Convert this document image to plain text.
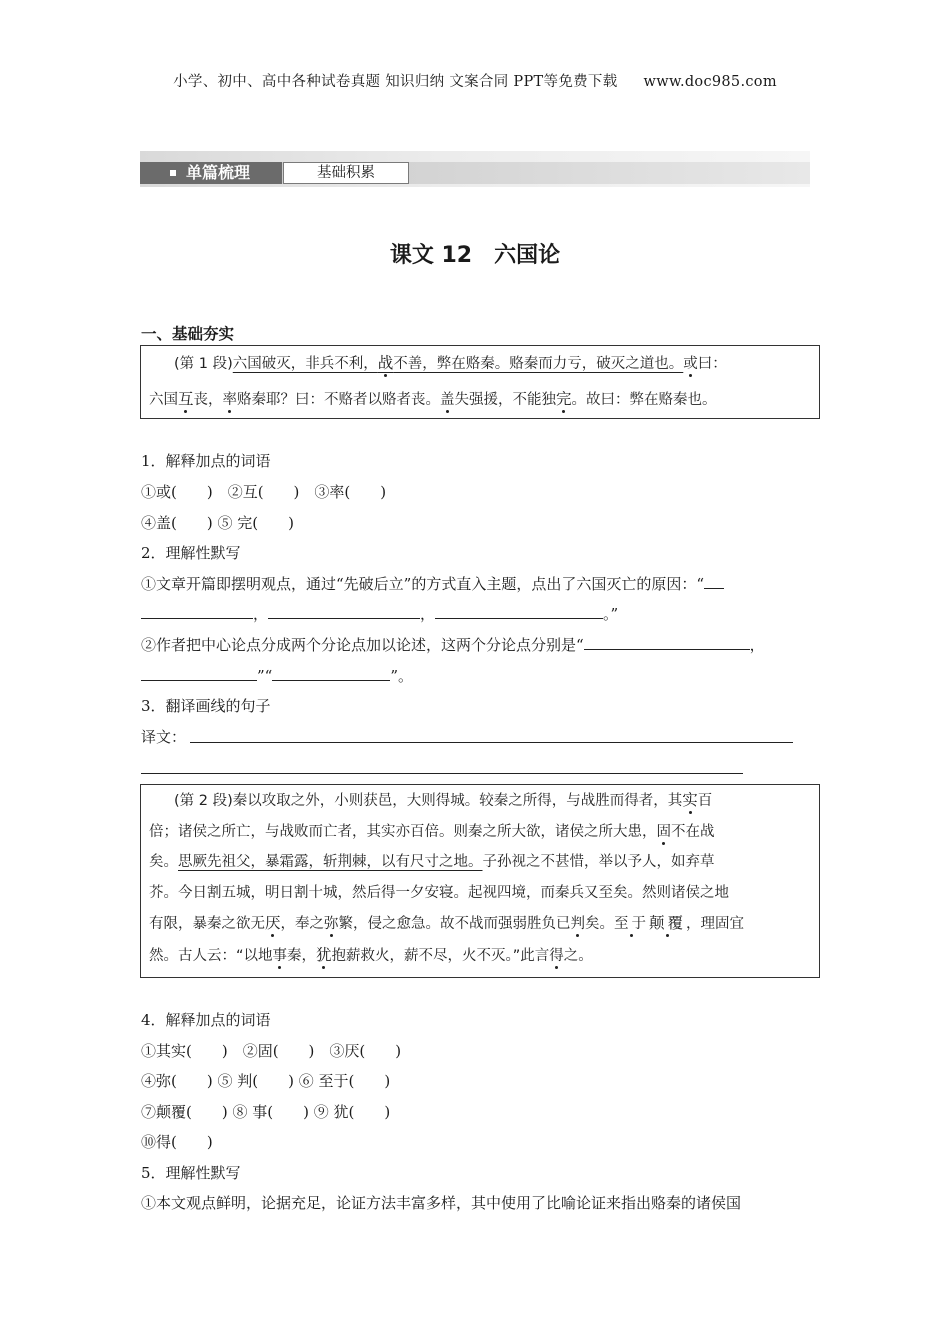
小学、初中、高中各种试卷真题 知识归纳 文案合同 PPT等免费下载 www.doc985.com
单篇梳理	基础积累
课文 12 六国论
一、基础夯实

(第 1 段)六国破灭，非兵不利，战不善，弊在赂秦。赂秦而力亏，破灭之道也。或曰：

六国互丧，率赂秦耶？曰：不赂者以赂者丧。盖失强援，不能独完。故曰：弊在赂秦也。

1．解释加点的词语
①或(　　)　②互(　　)　③率(　　)
④盖(　　) ⑤ 完(　　)
2．理解性默写
①文章开篇即摆明观点，通过“先破后立”的方式直入主题，点出了六国灭亡的原因：“
，	，	。”
②作者把中心论点分成两个分论点加以论述，这两个分论点分别是“	，
”“	”。
3．翻译画线的句子
译文：

(第 2 段)秦以攻取之外，小则获邑，大则得城。较秦之所得，与战胜而得者，其实百

倍；诸侯之所亡，与战败而亡者，其实亦百倍。则秦之所大欲，诸侯之所大患，固不在战

矣。思厥先祖父，暴霜露，斩荆棘，以有尺寸之地。子孙视之不甚惜，举以予人，如弃草

芥。今日割五城，明日割十城，然后得一夕安寝。起视四境，而秦兵又至矣。然则诸侯之地

有限，暴秦之欲无厌，奉之弥繁，侵之愈急。故不战而强弱胜负已判矣。至于颠覆，理固宜

然。古人云：“以地事秦，犹抱薪救火，薪不尽，火不灭。”此言得之。

4．解释加点的词语
①其实(　　)　②固(　　)　③厌(　　)
④弥(　　) ⑤ 判(　　) ⑥ 至于(　　)
⑦颠覆(　　) ⑧ 事(　　) ⑨ 犹(　　)
⑩得(　　)
5．理解性默写
①本文观点鲜明，论据充足，论证方法丰富多样，其中使用了比喻论证来指出赂秦的诸侯国
